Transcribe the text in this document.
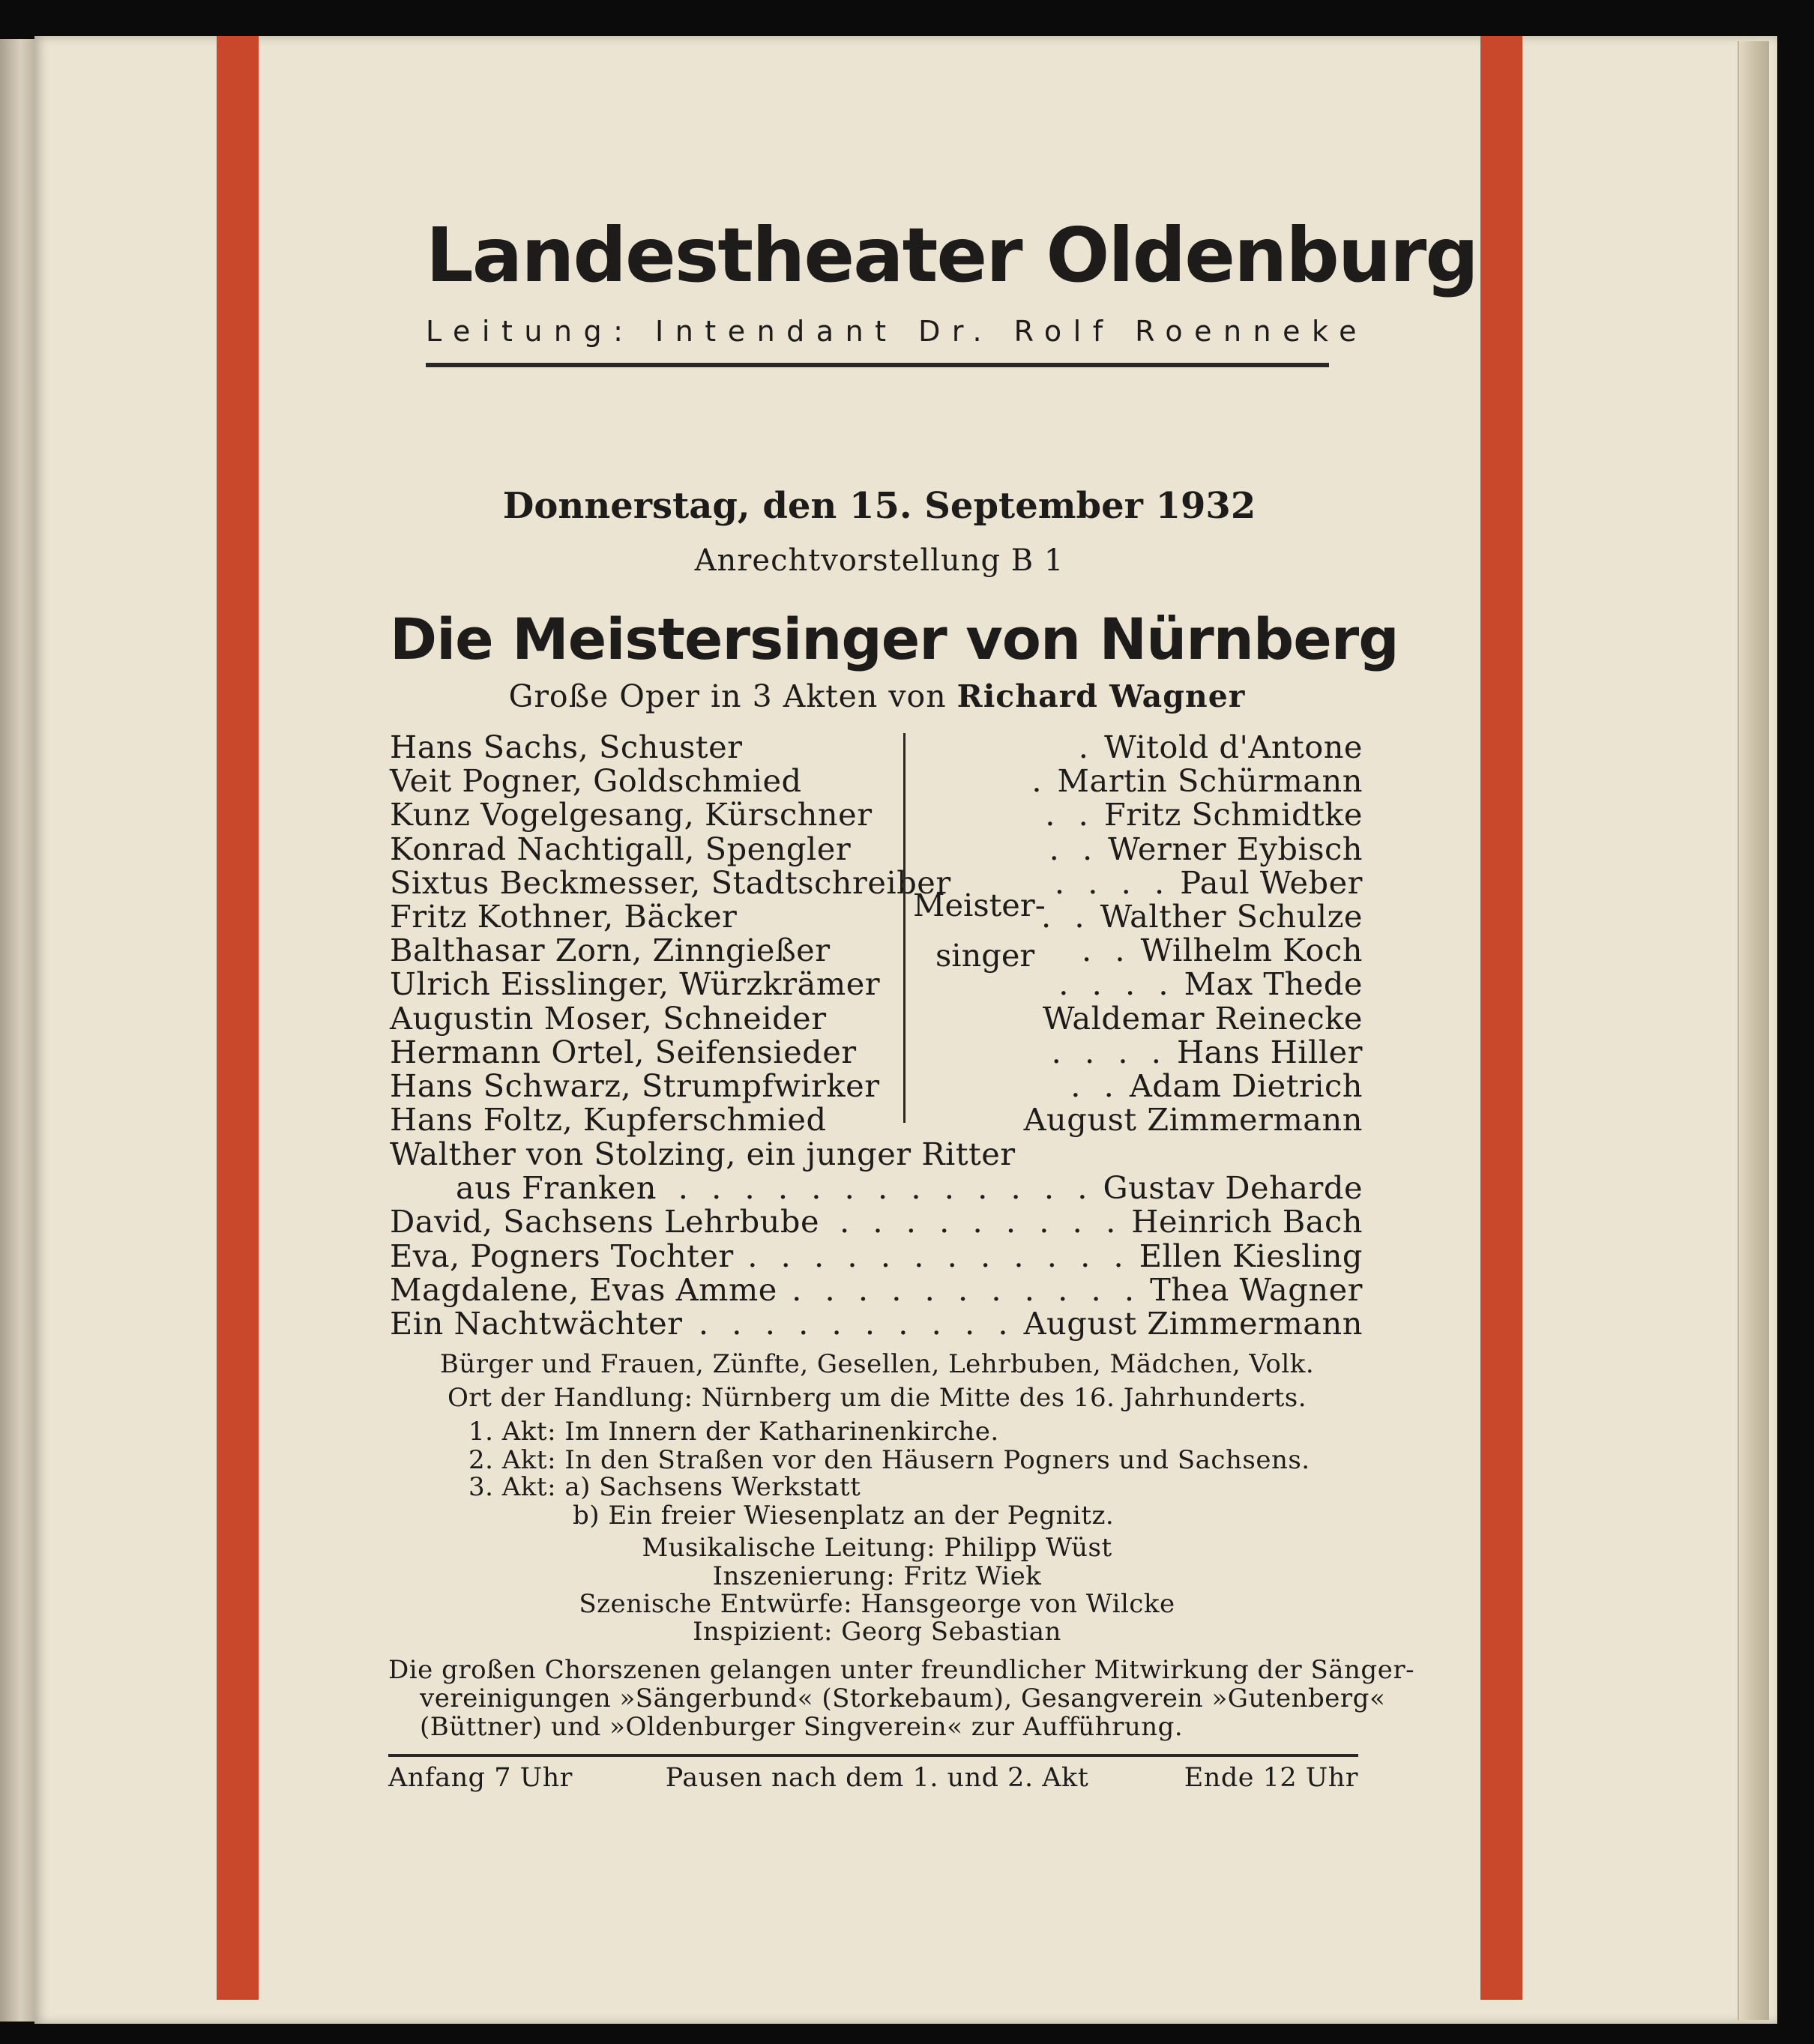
Landestheater Oldenburg
Leitung: Intendant Dr. Rolf Roenneke
Donnerstag, den 15. September 1932
Anrechtvorstellung B 1
Die Meistersinger von Nürnberg
Große Oper in 3 Akten von Richard Wagner
Hans Sachs, Schuster	Witold d'Antone
.
Veit Pogner, Goldschmied	Martin Schürmann
.
Kunz Vogelgesang, Kürschner	Fritz Schmidtke
. .
Konrad Nachtigall, Spengler	Werner Eybisch
. .
Sixtus Beckmesser, Stadtschreiber	Paul Weber
. . . .
Fritz Kothner, Bäcker	Walther Schulze
. .
Balthasar Zorn, Zinngießer	Wilhelm Koch
. .
Ulrich Eisslinger, Würzkrämer	Max Thede
. . . .
Augustin Moser, Schneider	Waldemar Reinecke
Hermann Ortel, Seifensieder	Hans Hiller
. . . .
Hans Schwarz, Strumpfwirker	Adam Dietrich
. .
Hans Foltz, Kupferschmied	August Zimmermann
Meister-
singer
Walther von Stolzing, ein junger Ritter
aus Franken	Gustav Deharde
. . . . . . . . . . . . . .
David, Sachsens Lehrbube	Heinrich Bach
. . . . . . . . .
Eva, Pogners Tochter	Ellen Kiesling
. . . . . . . . . . . .
Magdalene, Evas Amme	Thea Wagner
. . . . . . . . . . .
Ein Nachtwächter	August Zimmermann
. . . . . . . . . .
Bürger und Frauen, Zünfte, Gesellen, Lehrbuben, Mädchen, Volk.
Ort der Handlung: Nürnberg um die Mitte des 16. Jahrhunderts.
1. Akt: Im Innern der Katharinenkirche.
2. Akt: In den Straßen vor den Häusern Pogners und Sachsens.
3. Akt: a) Sachsens Werkstatt
b) Ein freier Wiesenplatz an der Pegnitz.
Musikalische Leitung: Philipp Wüst
Inszenierung: Fritz Wiek
Szenische Entwürfe: Hansgeorge von Wilcke
Inspizient: Georg Sebastian
Die großen Chorszenen gelangen unter freundlicher Mitwirkung der Sänger-
vereinigungen »Sängerbund« (Storkebaum), Gesangverein »Gutenberg«
(Büttner) und »Oldenburger Singverein« zur Aufführung.
Anfang 7 Uhr	Pausen nach dem 1. und 2. Akt	Ende 12 Uhr
